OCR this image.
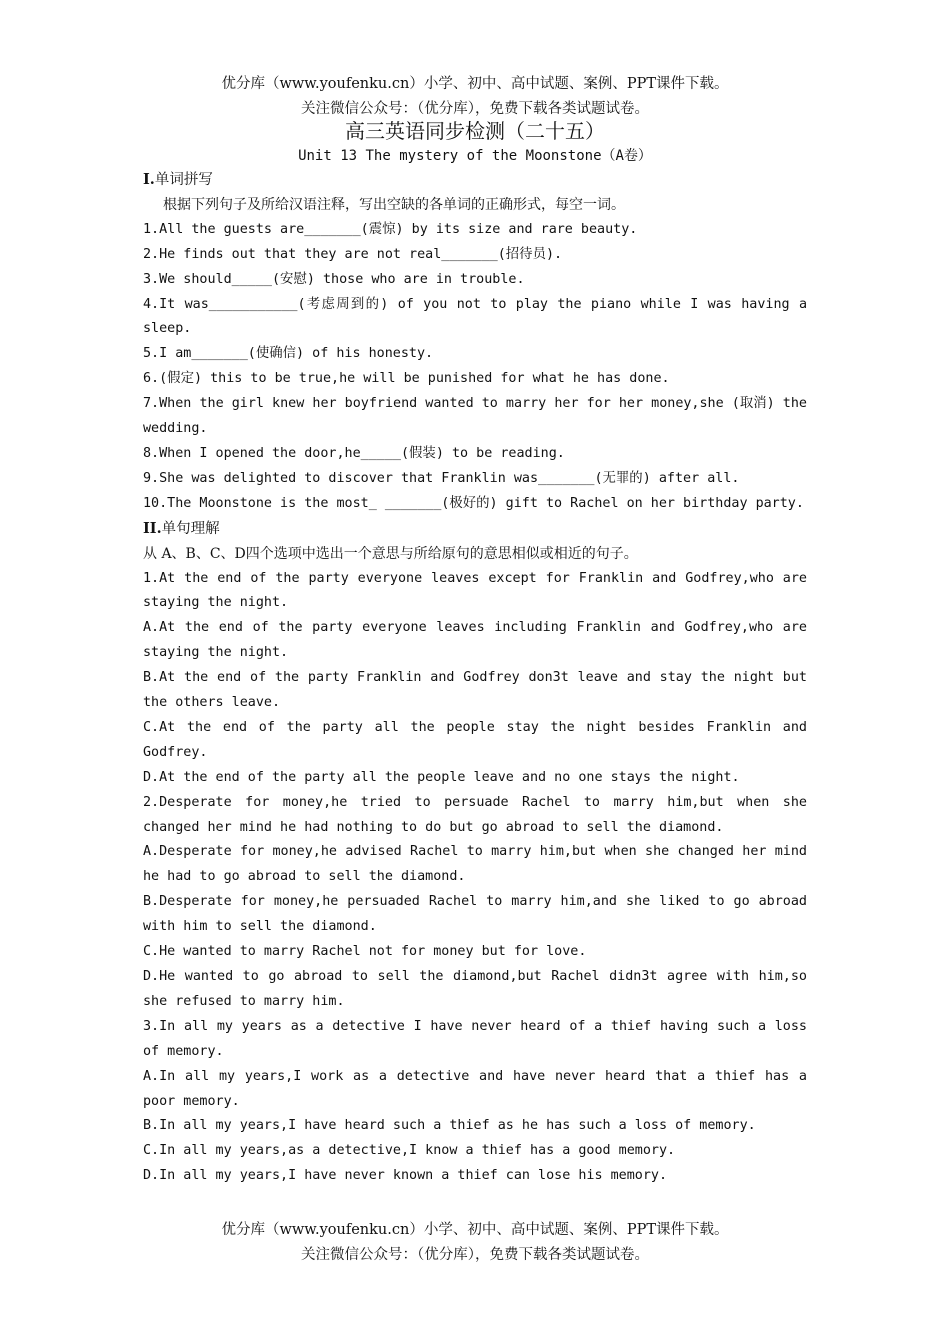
优分库（www.youfenku.cn）小学、初中、高中试题、案例、PPT课件下载。
关注微信公众号：（优分库），免费下载各类试题试卷。
高三英语同步检测（二十五）
Unit 13 The mystery of the Moonstone（A卷）

I.单词拼写

根据下列句子及所给汉语注释，写出空缺的各单词的正确形式，每空一词。

1.All the guests are_______(震惊) by its size and rare beauty.

2.He finds out that they are not real_______(招待员).

3.We should_____(安慰) those who are in trouble.

4.It was___________(考虑周到的) of you not to play the piano while I was having a sleep.

5.I am_______(使确信) of his honesty.

6.(假定) this to be true,he will be punished for what he has done.

7.When the girl knew her boyfriend wanted to marry her for her money,she (取消) the wedding.

8.When I opened the door,he_____(假装) to be reading.

9.She was delighted to discover that Franklin was_______(无罪的) after all.

10.The Moonstone is the most_ _______(极好的) gift to Rachel on her birthday party.

II.单句理解

从 A、B、C、D四个选项中选出一个意思与所给原句的意思相似或相近的句子。

1.At the end of the party everyone leaves except for Franklin and Godfrey,who are staying the night.

A.At the end of the party everyone leaves including Franklin and Godfrey,who are staying the night.

B.At the end of the party Franklin and Godfrey don3t leave and stay the night but the others leave.

C.At the end of the party all the people stay the night besides Franklin and Godfrey.

D.At the end of the party all the people leave and no one stays the night.

2.Desperate for money,he tried to persuade Rachel to marry him,but when she changed her mind he had nothing to do but go abroad to sell the diamond.

A.Desperate for money,he advised Rachel to marry him,but when she changed her mind he had to go abroad to sell the diamond.

B.Desperate for money,he persuaded Rachel to marry him,and she liked to go abroad with him to sell the diamond.

C.He wanted to marry Rachel not for money but for love.

D.He wanted to go abroad to sell the diamond,but Rachel didn3t agree with him,so she refused to marry him.

3.In all my years as a detective I have never heard of a thief having such a loss of memory.

A.In all my years,I work as a detective and have never heard that a thief has a poor memory.

B.In all my years,I have heard such a thief as he has such a loss of memory.

C.In all my years,as a detective,I know a thief has a good memory.

D.In all my years,I have never known a thief can lose his memory.

优分库（www.youfenku.cn）小学、初中、高中试题、案例、PPT课件下载。
关注微信公众号：（优分库），免费下载各类试题试卷。
